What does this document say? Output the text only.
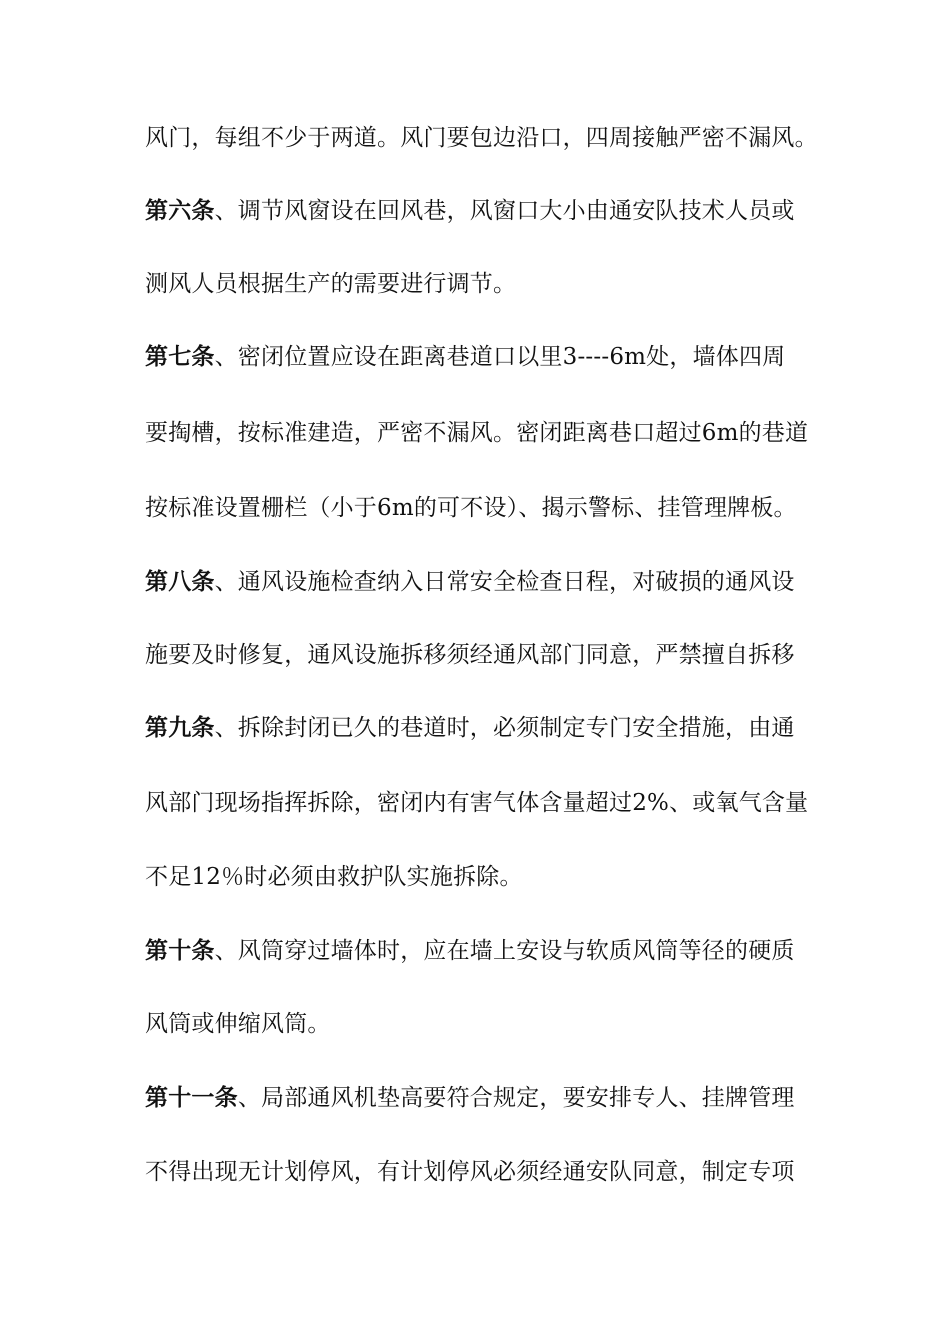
风门，每组不少于两道。风门要包边沿口，四周接触严密不漏风。
第六条、调节风窗设在回风巷，风窗口大小由通安队技术人员或
测风人员根据生产的需要进行调节。
第七条、密闭位置应设在距离巷道口以里3----6m处，墙体四周
要掏槽，按标准建造，严密不漏风。密闭距离巷口超过6m的巷道
按标准设置栅栏（小于6m的可不设）、揭示警标、挂管理牌板。
第八条、通风设施检查纳入日常安全检查日程，对破损的通风设
施要及时修复，通风设施拆移须经通风部门同意，严禁擅自拆移
第九条、拆除封闭已久的巷道时，必须制定专门安全措施，由通
风部门现场指挥拆除，密闭内有害气体含量超过2%、或氧气含量
不足12％时必须由救护队实施拆除。
第十条、风筒穿过墙体时，应在墙上安设与软质风筒等径的硬质
风筒或伸缩风筒。
第十一条、局部通风机垫高要符合规定，要安排专人、挂牌管理
不得出现无计划停风，有计划停风必须经通安队同意，制定专项
